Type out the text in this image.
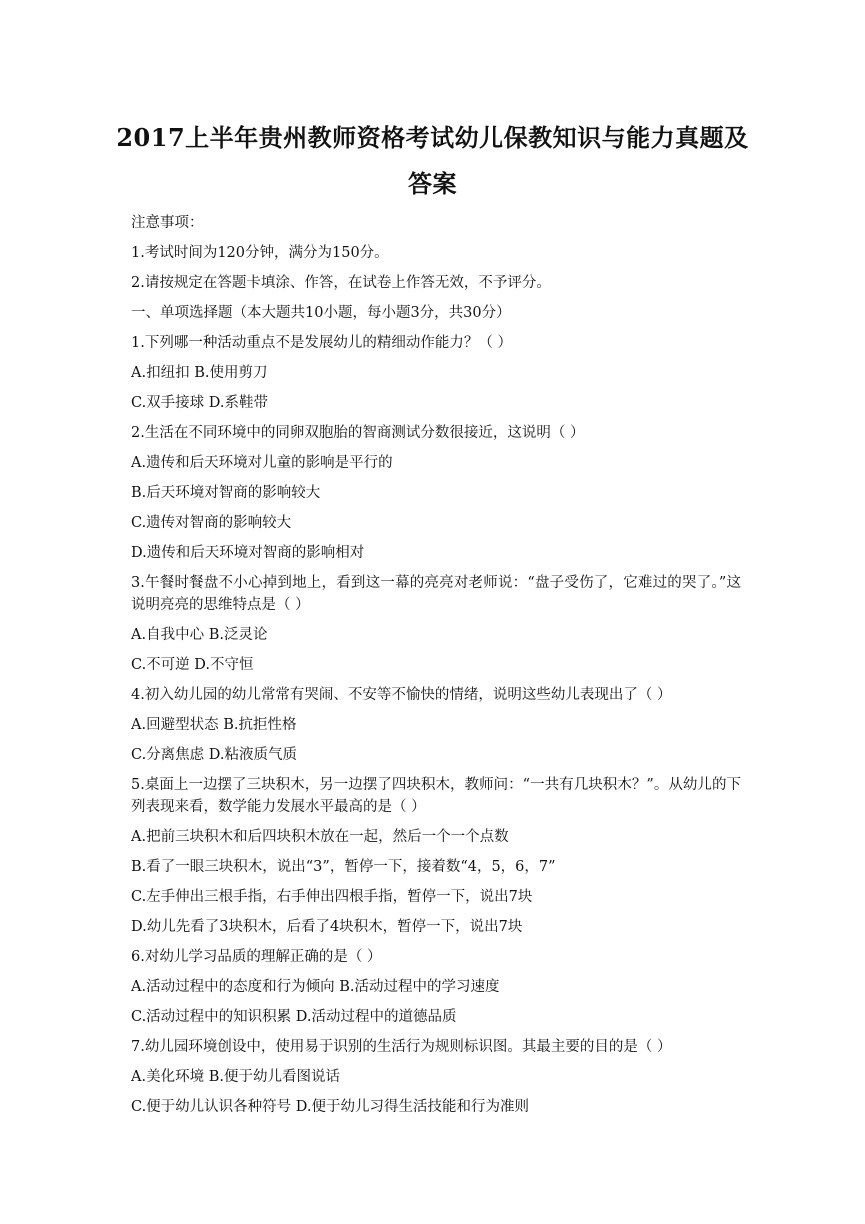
2017上半年贵州教师资格考试幼儿保教知识与能力真题及
答案
注意事项：
1.考试时间为120分钟，满分为150分。
2.请按规定在答题卡填涂、作答，在试卷上作答无效，不予评分。
一、单项选择题（本大题共10小题，每小题3分，共30分）
1.下列哪一种活动重点不是发展幼儿的精细动作能力？（ ）
A.扣纽扣 B.使用剪刀
C.双手接球 D.系鞋带
2.生活在不同环境中的同卵双胞胎的智商测试分数很接近，这说明（ ）
A.遗传和后天环境对儿童的影响是平行的
B.后天环境对智商的影响较大
C.遗传对智商的影响较大
D.遗传和后天环境对智商的影响相对
3.午餐时餐盘不小心掉到地上，看到这一幕的亮亮对老师说：“盘子受伤了，它难过的哭了。”这说明亮亮的思维特点是（ ）
A.自我中心 B.泛灵论
C.不可逆 D.不守恒
4.初入幼儿园的幼儿常常有哭闹、不安等不愉快的情绪，说明这些幼儿表现出了（ ）
A.回避型状态 B.抗拒性格
C.分离焦虑 D.粘液质气质
5.桌面上一边摆了三块积木，另一边摆了四块积木，教师问：“一共有几块积木？”。从幼儿的下列表现来看，数学能力发展水平最高的是（ ）
A.把前三块积木和后四块积木放在一起，然后一个一个点数
B.看了一眼三块积木，说出“3”，暂停一下，接着数“4，5，6，7”
C.左手伸出三根手指，右手伸出四根手指，暂停一下，说出7块
D.幼儿先看了3块积木，后看了4块积木，暂停一下，说出7块
6.对幼儿学习品质的理解正确的是（ ）
A.活动过程中的态度和行为倾向 B.活动过程中的学习速度
C.活动过程中的知识积累 D.活动过程中的道德品质
7.幼儿园环境创设中，使用易于识别的生活行为规则标识图。其最主要的目的是（ ）
A.美化环境 B.便于幼儿看图说话
C.便于幼儿认识各种符号 D.便于幼儿习得生活技能和行为准则
